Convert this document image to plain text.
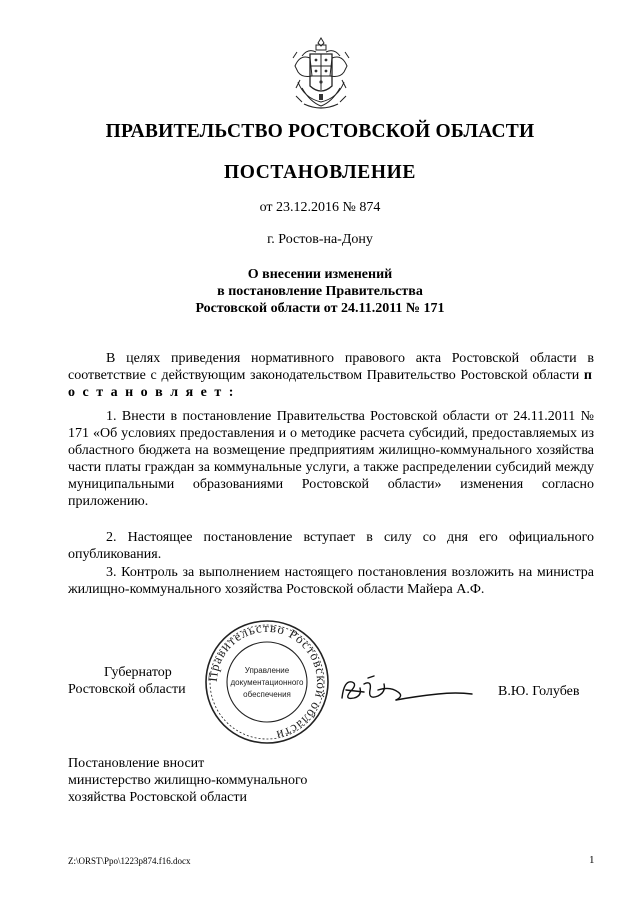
ПРАВИТЕЛЬСТВО РОСТОВСКОЙ ОБЛАСТИ
ПОСТАНОВЛЕНИЕ
от 23.12.2016 № 874
г. Ростов-на-Дону
О внесении изменений
в постановление Правительства
Ростовской области от 24.11.2011 № 171
В целях приведения нормативного правового акта Ростовской области в соответствие с действующим законодательством Правительство Ростовской области п о с т а н о в л я е т :
1. Внести в постановление Правительства Ростовской области от 24.11.2011 № 171 «Об условиях предоставления и о методике расчета субсидий, предоставляемых из областного бюджета на возмещение предприятиям жилищно-коммунального хозяйства части платы граждан за коммунальные услуги, а также распределении субсидий между муниципальными образованиями Ростовской области» изменения согласно приложению.
2. Настоящее постановление вступает в силу со дня его официального опубликования.
3. Контроль за выполнением настоящего постановления возложить на министра жилищно-коммунального хозяйства Ростовской области Майера А.Ф.
Губернатор
Ростовской области
Правительство Ростовской области
Управление
документационного
обеспечения	В.Ю. Голубев
Постановление вносит
министерство жилищно-коммунального
хозяйства Ростовской области
Z:\ORST\Ppo\1223p874.f16.docx	1
